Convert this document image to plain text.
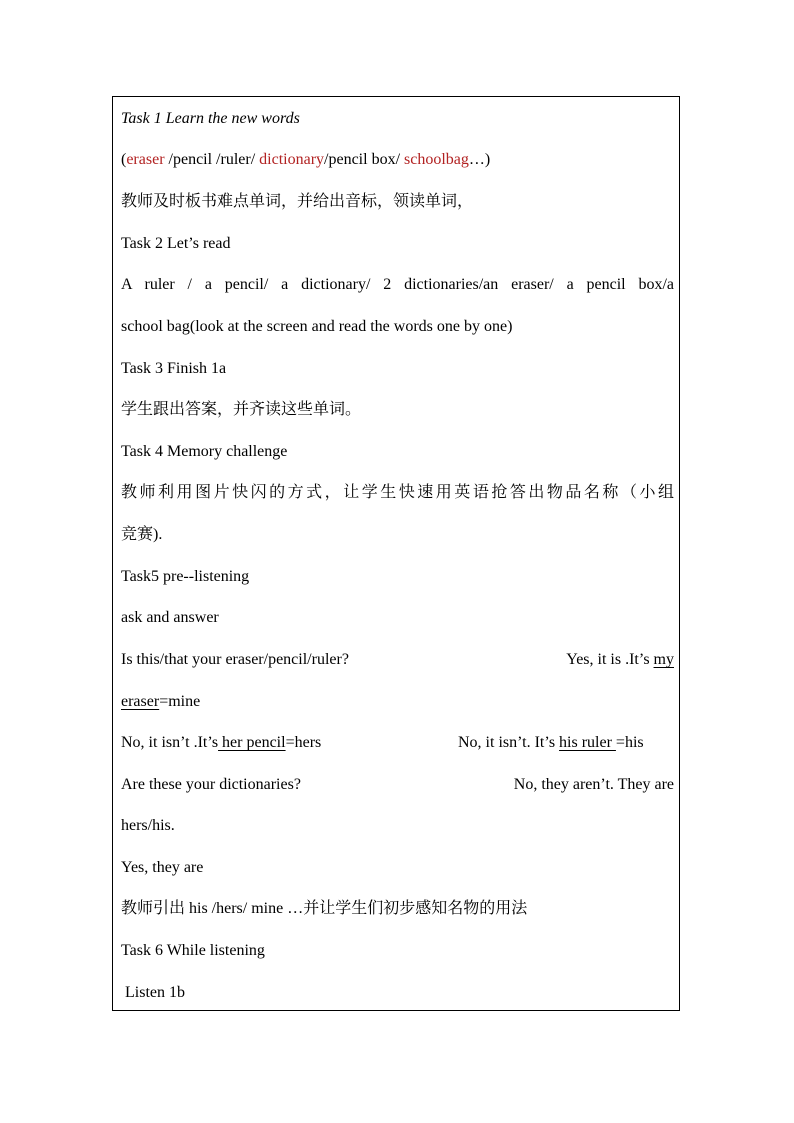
Task 1 Learn the new words
(eraser /pencil /ruler/ dictionary/pencil box/ schoolbag…)
教师及时板书难点单词，并给出音标，领读单词，
Task 2 Let’s read
A ruler / a pencil/ a dictionary/ 2 dictionaries/an eraser/ a pencil box/a
school bag(look at the screen and read the words one by one)
Task 3 Finish 1a
学生跟出答案，并齐读这些单词。
Task 4 Memory challenge
教师利用图片快闪的方式，让学生快速用英语抢答出物品名称（小组
竞赛).
Task5 pre--listening
ask and answer
Is this/that your eraser/pencil/ruler?	Yes, it is .It’s my
eraser=mine
No, it isn’t .It’s her pencil=hers	No, it isn’t. It’s his ruler =his
Are these your dictionaries?	No, they aren’t. They are
hers/his.
Yes, they are
教师引出 his /hers/ mine …并让学生们初步感知名物的用法
Task 6 While listening
Listen 1b
